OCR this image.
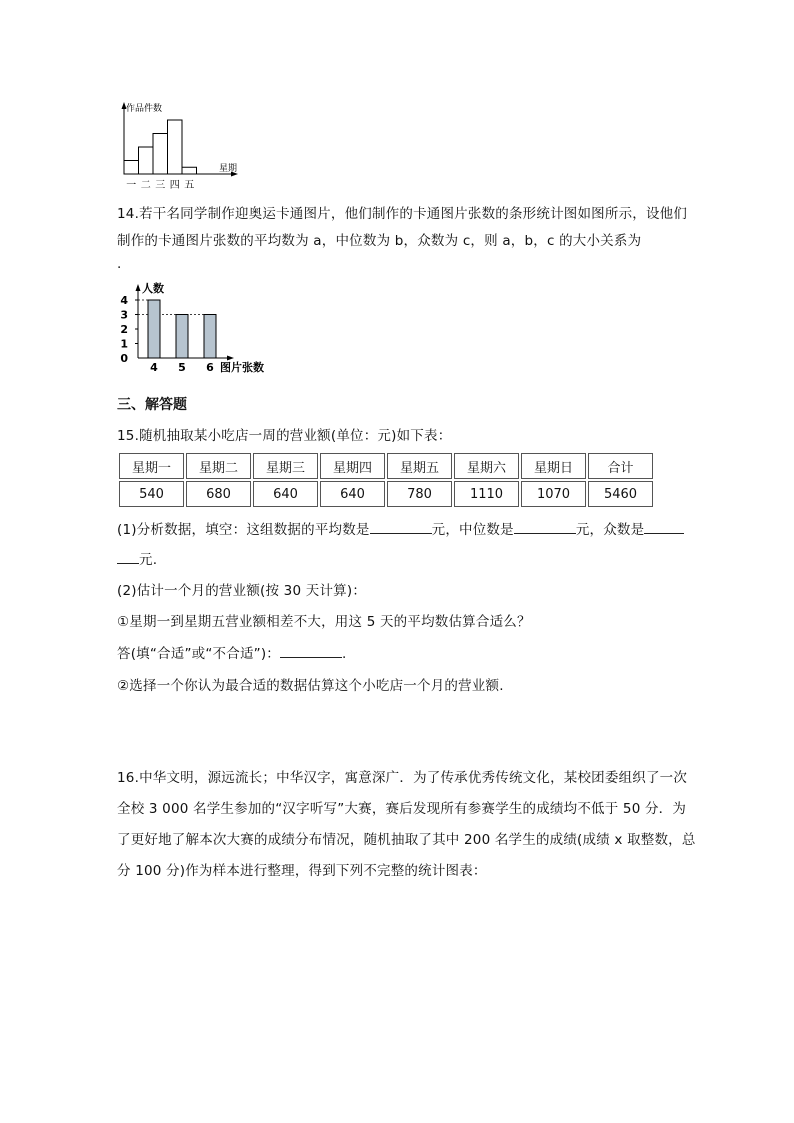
作品件数
星期
一 二 三 四 五
14.若干名同学制作迎奥运卡通图片，他们制作的卡通图片张数的条形统计图如图所示，设他们
制作的卡通图片张数的平均数为 a，中位数为 b，众数为 c，则 a，b，c 的大小关系为
.
0
1
2
3
4
4 5 6
人数
图片张数
三、解答题
15.随机抽取某小吃店一周的营业额(单位：元)如下表：
星期一	星期二	星期三	星期四	星期五	星期六	星期日	合计
540	680	640	640	780	1110	1070	5460
(1)分析数据，填空：这组数据的平均数是	元，中位数是	元，众数是
元.
(2)估计一个月的营业额(按 30 天计算)：
①星期一到星期五营业额相差不大，用这 5 天的平均数估算合适么？
答(填“合适”或“不合适”)：	.
②选择一个你认为最合适的数据估算这个小吃店一个月的营业额.
16.中华文明，源远流长；中华汉字，寓意深广．为了传承优秀传统文化，某校团委组织了一次
全校 3 000 名学生参加的“汉字听写”大赛，赛后发现所有参赛学生的成绩均不低于 50 分．为
了更好地了解本次大赛的成绩分布情况，随机抽取了其中 200 名学生的成绩(成绩 x 取整数，总
分 100 分)作为样本进行整理，得到下列不完整的统计图表：
